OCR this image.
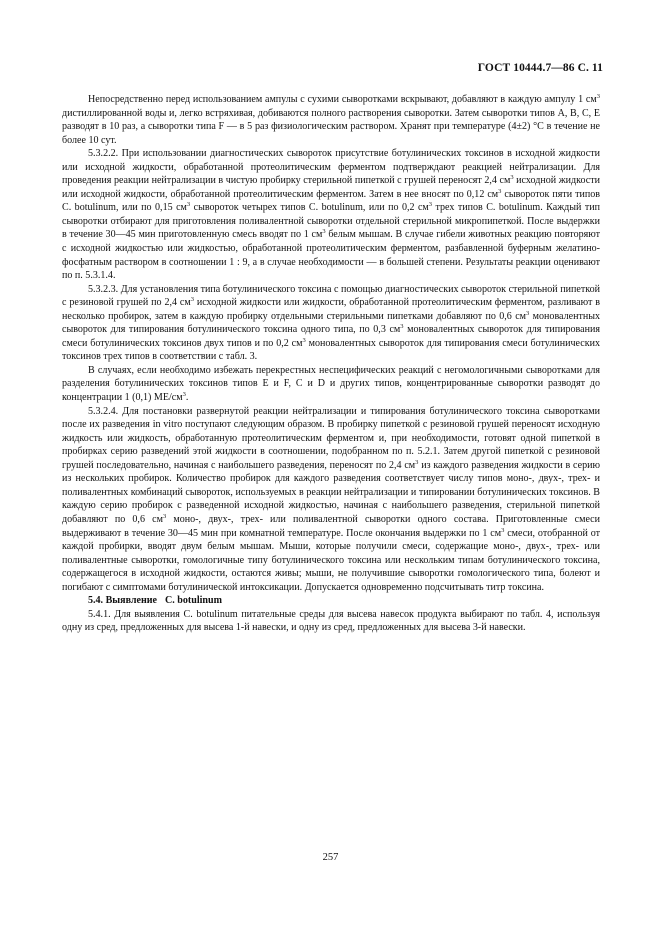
ГОСТ 10444.7—86 С. 11

Непосредственно перед использованием ампулы с сухими сыворотками вскрывают, добавляют в каждую ампулу 1 $см^3$ дистиллированной воды и, легко встряхивая, добиваются полного растворения сыворотки. Затем сыворотки типов А, В, С, Е разводят в 10 раз, а сыворотки типа F — в 5 раз физиологическим раствором. Хранят при температуре (4±2) °С в течение не более 10 сут.

5.3.2.2. При использовании диагностических сывороток присутствие ботулинических токсинов в исходной жидкости или исходной жидкости, обработанной протеолитическим ферментом подтверждают реакцией нейтрализации. Для проведения реакции нейтрализации в чистую пробирку стерильной пипеткой с грушей переносят 2,4 $см^3$ исходной жидкости или исходной жидкости, обработанной протеолитическим ферментом. Затем в нее вносят по 0,12 $см^3$ сывороток пяти типов С. botulinum, или по 0,15 $см^3$ сывороток четырех типов С. botulinum, или по 0,2 $см^3$ трех типов С. botulinum. Каждый тип сыворотки отбирают для приготовления поливалентной сыворотки отдельной стерильной микропипеткой. После выдержки в течение 30—45 мин приготовленную смесь вводят по 1 $см^3$ белым мышам. В случае гибели животных реакцию повторяют с исходной жидкостью или жидкостью, обработанной протеолитическим ферментом, разбавленной буферным желатино-фосфатным раствором в соотношении 1 : 9, а в случае необходимости — в большей степени. Результаты реакции оценивают по п. 5.3.1.4.

5.3.2.3. Для установления типа ботулинического токсина с помощью диагностических сывороток стерильной пипеткой с резиновой грушей по 2,4 $см^3$ исходной жидкости или жидкости, обработанной протеолитическим ферментом, разливают в несколько пробирок, затем в каждую пробирку отдельными стерильными пипетками добавляют по 0,6 $см^3$ моновалентных сывороток для типирования ботулинического токсина одного типа, по 0,3 $см^3$ моновалентных сывороток для типирования смеси ботулинических токсинов двух типов и по 0,2 $см^3$ моновалентных сывороток для типирования смеси ботулинических токсинов трех типов в соответствии с табл. 3.

В случаях, если необходимо избежать перекрестных неспецифических реакций с негомологичными сыворотками для разделения ботулинических токсинов типов Е и F, С и D и других типов, концентрированные сыворотки разводят до концентрации 1 (0,1) $МЕ/см^3$.

5.3.2.4. Для постановки развернутой реакции нейтрализации и типирования ботулинического токсина сыворотками после их разведения in vitro поступают следующим образом. В пробирку пипеткой с резиновой грушей переносят исходную жидкость или жидкость, обработанную протеолитическим ферментом и, при необходимости, готовят одной пипеткой в пробирках серию разведений этой жидкости в соотношении, подобранном по п. 5.2.1. Затем другой пипеткой с резиновой грушей последовательно, начиная с наибольшего разведения, переносят по 2,4 $см^3$ из каждого разведения жидкости в серию из нескольких пробирок. Количество пробирок для каждого разведения соответствует числу типов моно-, двух-, трех- и поливалентных комбинаций сывороток, используемых в реакции нейтрализации и типировании ботулинических токсинов. В каждую серию пробирок с разведенной исходной жидкостью, начиная с наибольшего разведения, стерильной пипеткой добавляют по 0,6 $см^3$ моно-, двух-, трех- или поливалентной сыворотки одного состава. Приготовленные смеси выдерживают в течение 30—45 мин при комнатной температуре. После окончания выдержки по 1 $см^3$ смеси, отобранной от каждой пробирки, вводят двум белым мышам. Мыши, которые получили смеси, содержащие моно-, двух-, трех- или поливалентные сыворотки, гомологичные типу ботулинического токсина или нескольким типам ботулинического токсина, содержащегося в исходной жидкости, остаются живы; мыши, не получившие сыворотки гомологического типа, болеют и погибают с симптомами ботулинической интоксикации. Допускается одновременно подсчитывать титр токсина.

5.4. Выявление С. botulinum

5.4.1. Для выявления С. botulinum питательные среды для высева навесок продукта выбирают по табл. 4, используя одну из сред, предложенных для высева 1-й навески, и одну из сред, предложенных для высева 3-й навески.

257
